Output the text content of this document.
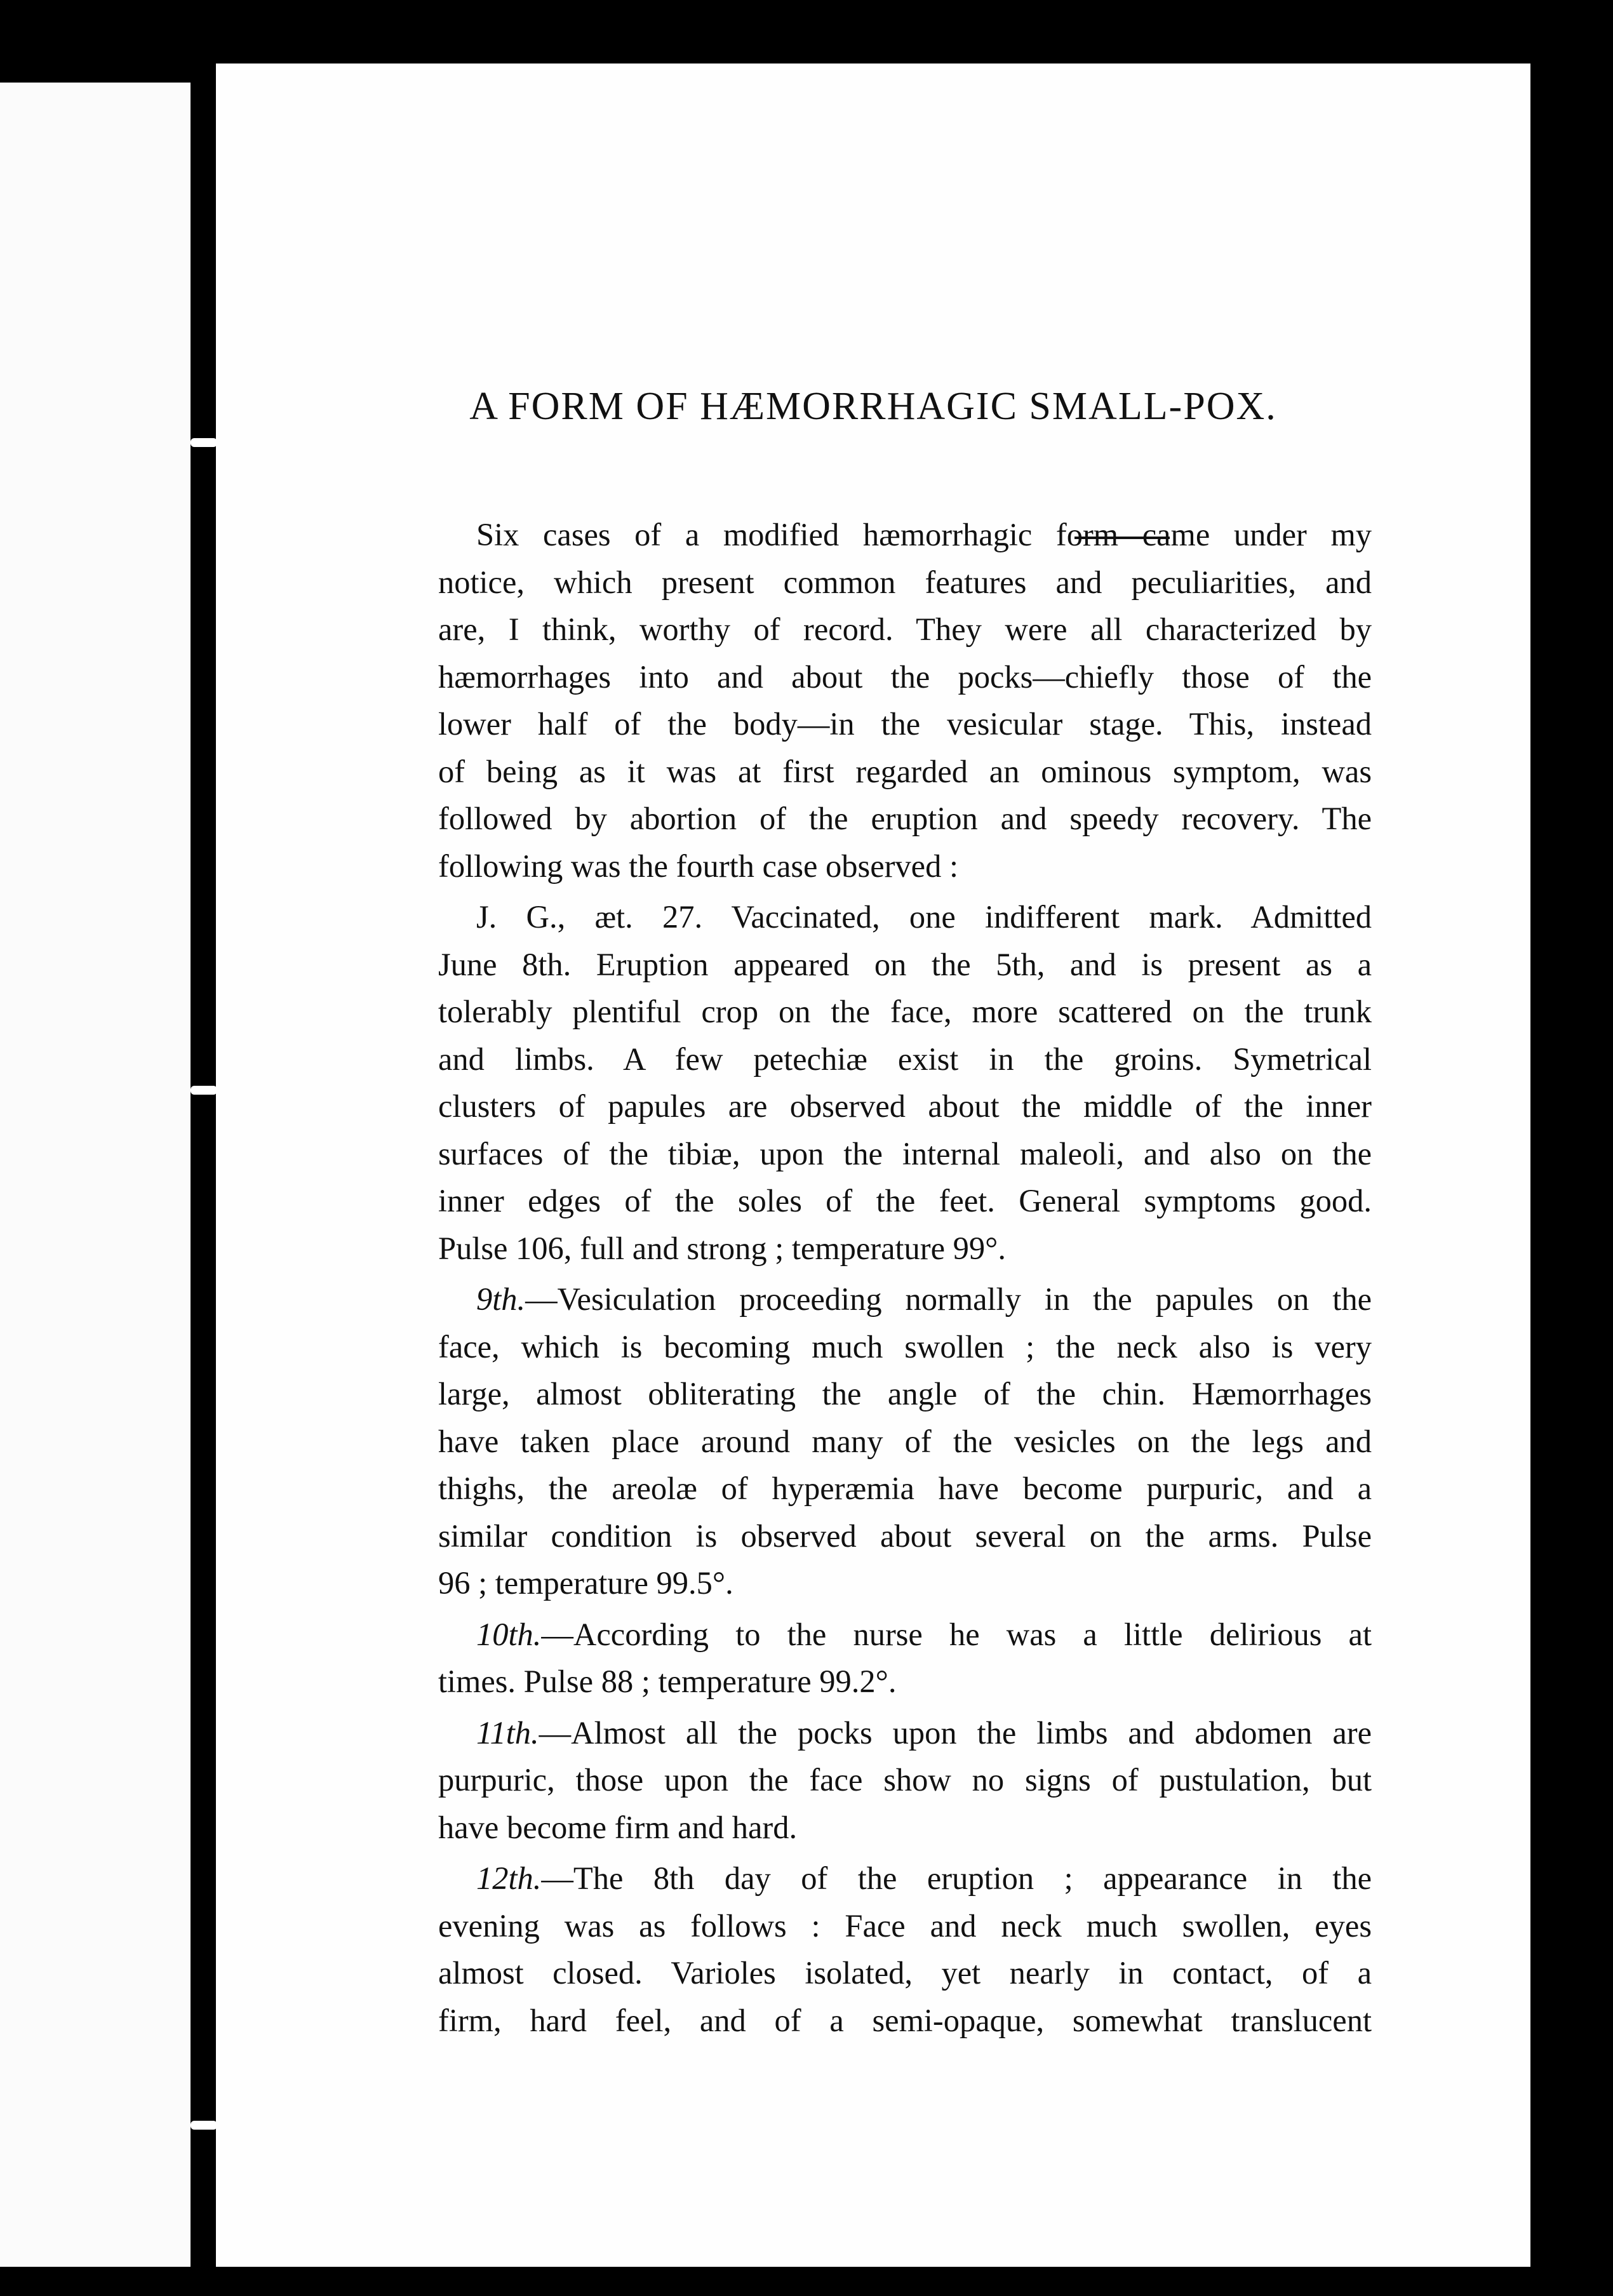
A FORM OF HÆMORRHAGIC SMALL-POX.

Six cases of a modified hæmorrhagic form came under my
notice, which present common features and peculiarities, and
are, I think, worthy of record. They were all characterized by
hæmorrhages into and about the pocks—chiefly those of the
lower half of the body—in the vesicular stage. This, instead
of being as it was at first regarded an ominous symptom, was
followed by abortion of the eruption and speedy recovery. The
following was the fourth case observed :

J. G., æt. 27. Vaccinated, one indifferent mark. Admitted
June 8th. Eruption appeared on the 5th, and is present as a
tolerably plentiful crop on the face, more scattered on the trunk
and limbs. A few petechiæ exist in the groins. Symetrical
clusters of papules are observed about the middle of the inner
surfaces of the tibiæ, upon the internal maleoli, and also on the
inner edges of the soles of the feet. General symptoms good.
Pulse 106, full and strong ; temperature 99°.

9th.—Vesiculation proceeding normally in the papules on the
face, which is becoming much swollen ; the neck also is very
large, almost obliterating the angle of the chin. Hæmorrhages
have taken place around many of the vesicles on the legs and
thighs, the areolæ of hyperæmia have become purpuric, and a
similar condition is observed about several on the arms. Pulse
96 ; temperature 99.5°.

10th.—According to the nurse he was a little delirious at
times. Pulse 88 ; temperature 99.2°.

11th.—Almost all the pocks upon the limbs and abdomen are
purpuric, those upon the face show no signs of pustulation, but
have become firm and hard.

12th.—The 8th day of the eruption ; appearance in the
evening was as follows : Face and neck much swollen, eyes
almost closed. Varioles isolated, yet nearly in contact, of a
firm, hard feel, and of a semi-opaque, somewhat translucent
